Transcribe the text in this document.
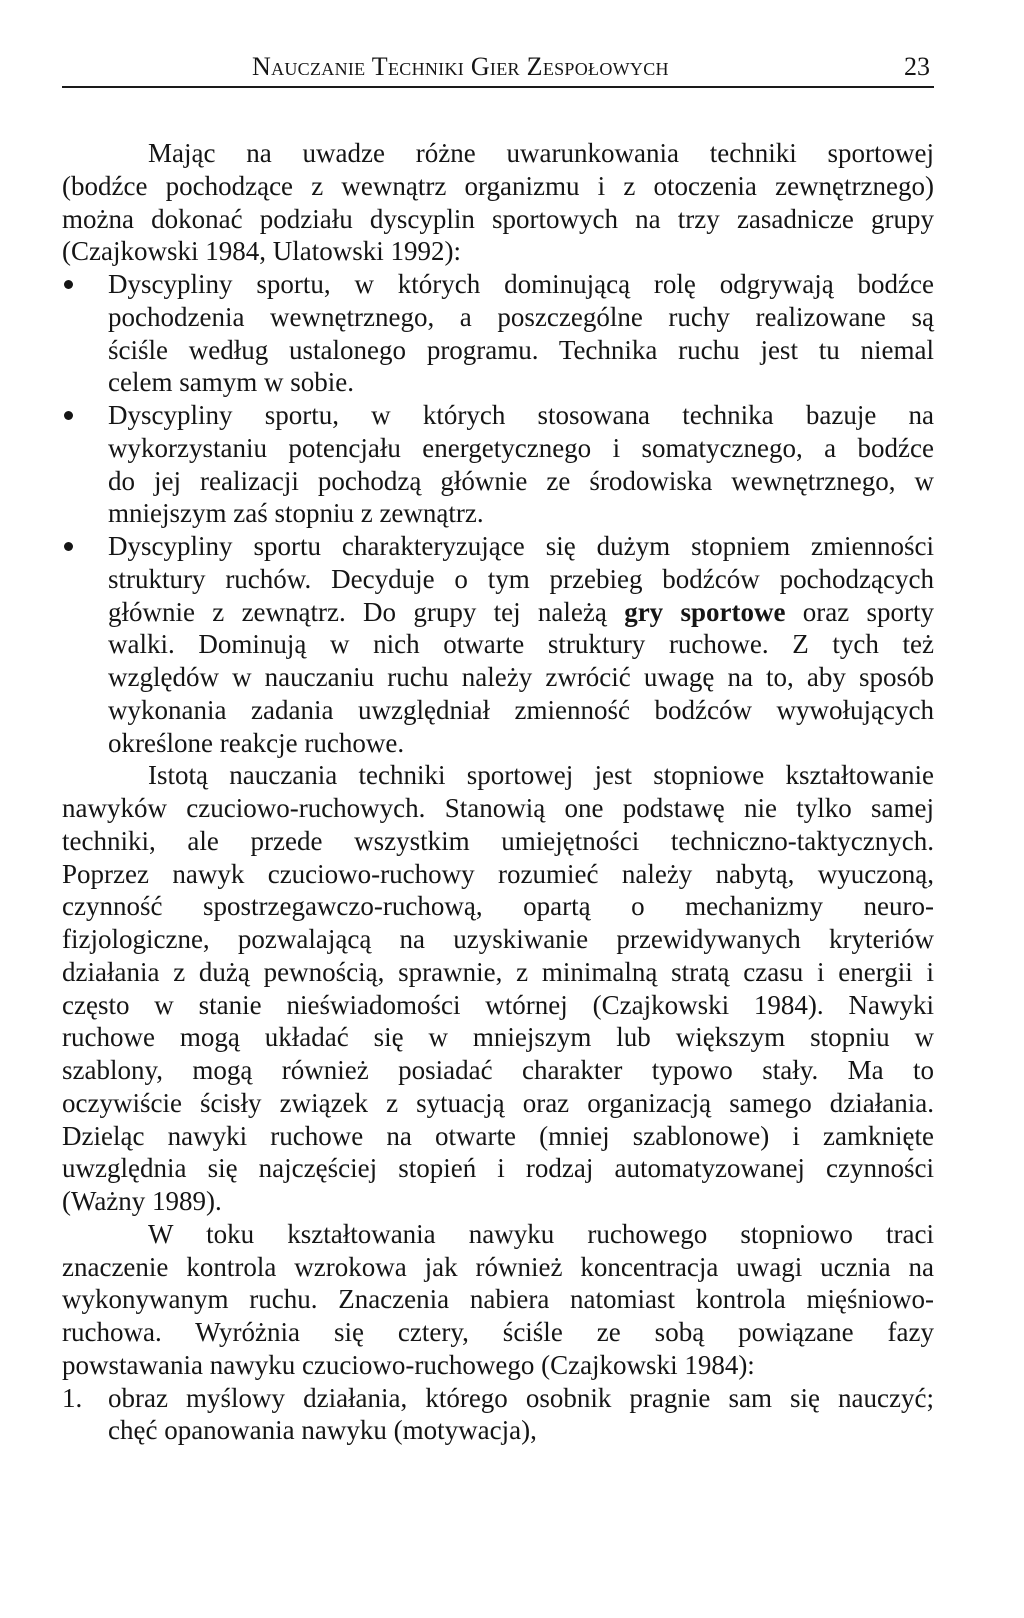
Nauczanie Techniki Gier Zespołowych	23
Mając na uwadze różne uwarunkowania techniki sportowej
(bodźce pochodzące z wewnątrz organizmu i z otoczenia zewnętrznego)
można dokonać podziału dyscyplin sportowych na trzy zasadnicze grupy
(Czajkowski 1984, Ulatowski 1992):
Dyscypliny sportu, w których dominującą rolę odgrywają bodźce
pochodzenia wewnętrznego, a poszczególne ruchy realizowane są
ściśle według ustalonego programu. Technika ruchu jest tu niemal
celem samym w sobie.
Dyscypliny sportu, w których stosowana technika bazuje na
wykorzystaniu potencjału energetycznego i somatycznego, a bodźce
do jej realizacji pochodzą głównie ze środowiska wewnętrznego, w
mniejszym zaś stopniu z zewnątrz.
Dyscypliny sportu charakteryzujące się dużym stopniem zmienności
struktury ruchów. Decyduje o tym przebieg bodźców pochodzących
głównie z zewnątrz. Do grupy tej należą gry sportowe oraz sporty
walki. Dominują w nich otwarte struktury ruchowe. Z tych też
względów w nauczaniu ruchu należy zwrócić uwagę na to, aby sposób
wykonania zadania uwzględniał zmienność bodźców wywołujących
określone reakcje ruchowe.
Istotą nauczania techniki sportowej jest stopniowe kształtowanie
nawyków czuciowo-ruchowych. Stanowią one podstawę nie tylko samej
techniki, ale przede wszystkim umiejętności techniczno-taktycznych.
Poprzez nawyk czuciowo-ruchowy rozumieć należy nabytą, wyuczoną,
czynność spostrzegawczo-ruchową, opartą o mechanizmy neuro-
fizjologiczne, pozwalającą na uzyskiwanie przewidywanych kryteriów
działania z dużą pewnością, sprawnie, z minimalną stratą czasu i energii i
często w stanie nieświadomości wtórnej (Czajkowski 1984). Nawyki
ruchowe mogą układać się w mniejszym lub większym stopniu w
szablony, mogą również posiadać charakter typowo stały. Ma to
oczywiście ścisły związek z sytuacją oraz organizacją samego działania.
Dzieląc nawyki ruchowe na otwarte (mniej szablonowe) i zamknięte
uwzględnia się najczęściej stopień i rodzaj automatyzowanej czynności
(Ważny 1989).
W toku kształtowania nawyku ruchowego stopniowo traci
znaczenie kontrola wzrokowa jak również koncentracja uwagi ucznia na
wykonywanym ruchu. Znaczenia nabiera natomiast kontrola mięśniowo-
ruchowa. Wyróżnia się cztery, ściśle ze sobą powiązane fazy
powstawania nawyku czuciowo-ruchowego (Czajkowski 1984):
1. obraz myślowy działania, którego osobnik pragnie sam się nauczyć;
chęć opanowania nawyku (motywacja),
